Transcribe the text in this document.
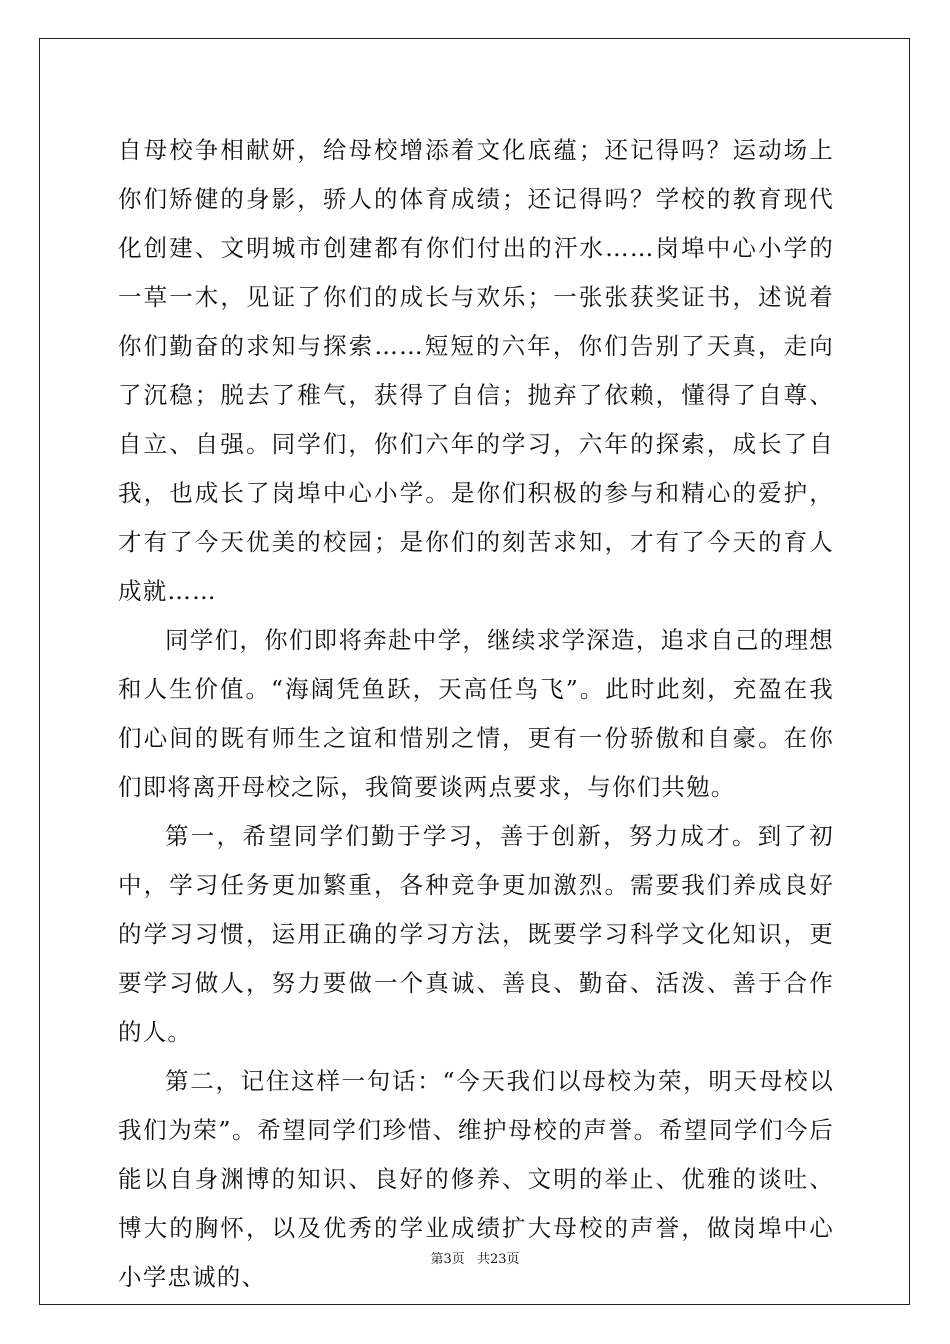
自母校争相献妍，给母校增添着文化底蕴；还记得吗？运动场上你们矫健的身影，骄人的体育成绩；还记得吗？学校的教育现代化创建、文明城市创建都有你们付出的汗水……岗埠中心小学的一草一木，见证了你们的成长与欢乐；一张张获奖证书，述说着你们勤奋的求知与探索……短短的六年，你们告别了天真，走向了沉稳；脱去了稚气，获得了自信；抛弃了依赖，懂得了自尊、自立、自强。同学们，你们六年的学习，六年的探索，成长了自我，也成长了岗埠中心小学。是你们积极的参与和精心的爱护，才有了今天优美的校园；是你们的刻苦求知，才有了今天的育人成就……

同学们，你们即将奔赴中学，继续求学深造，追求自己的理想和人生价值。“海阔凭鱼跃，天高任鸟飞”。此时此刻，充盈在我们心间的既有师生之谊和惜别之情，更有一份骄傲和自豪。在你们即将离开母校之际，我简要谈两点要求，与你们共勉。

第一，希望同学们勤于学习，善于创新，努力成才。到了初中，学习任务更加繁重，各种竞争更加激烈。需要我们养成良好的学习习惯，运用正确的学习方法，既要学习科学文化知识，更要学习做人，努力要做一个真诚、善良、勤奋、活泼、善于合作的人。

第二，记住这样一句话：“今天我们以母校为荣，明天母校以我们为荣”。希望同学们珍惜、维护母校的声誉。希望同学们今后能以自身渊博的知识、良好的修养、文明的举止、优雅的谈吐、博大的胸怀，以及优秀的学业成绩扩大母校的声誉，做岗埠中心小学忠诚的、

第3页 共23页
